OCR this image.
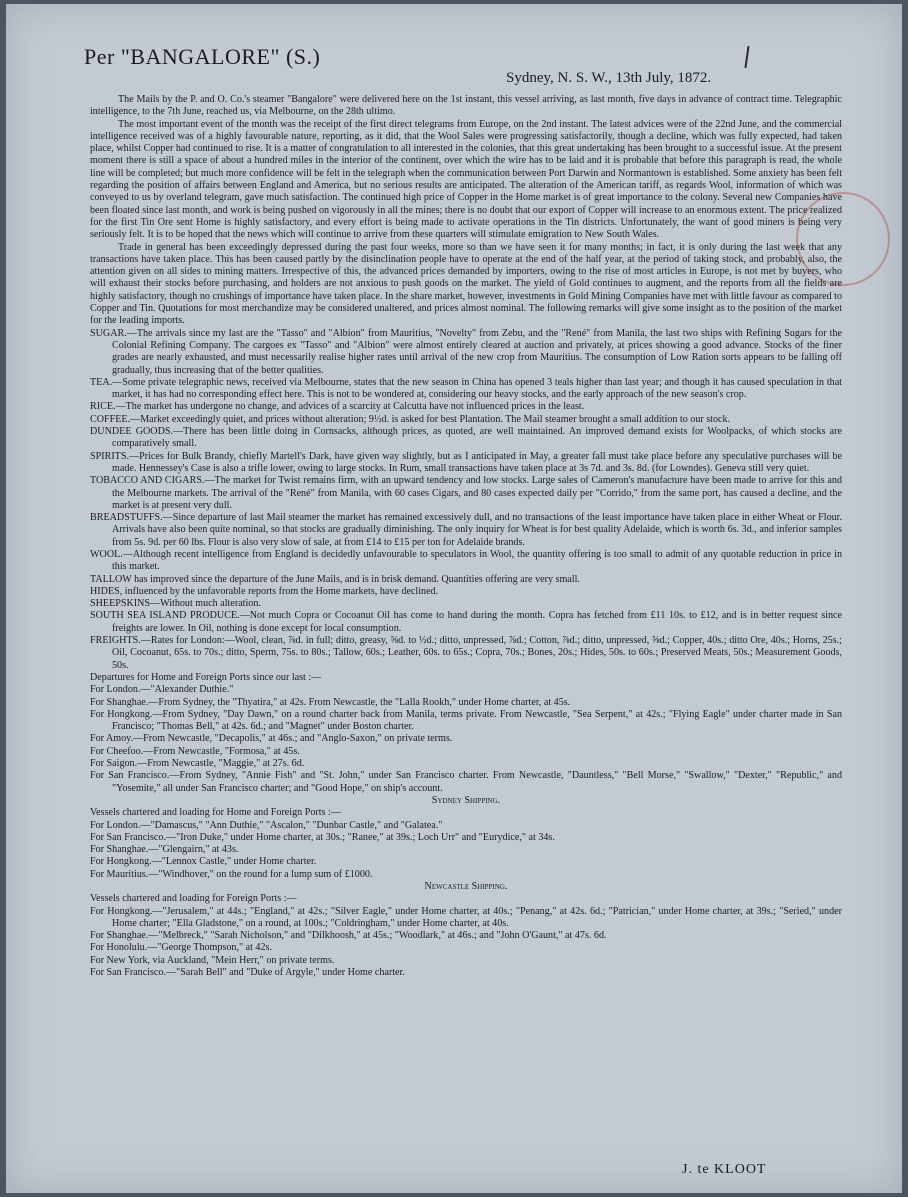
Per "BANGALORE" (S.)
Sydney, N. S. W., 13th July, 1872.

The Mails by the P. and O. Co.'s steamer "Bangalore" were delivered here on the 1st instant, this vessel arriving, as last month, five days in advance of contract time. Telegraphic intelligence, to the 7th June, reached us, via Melbourne, on the 28th ultimo.

The most important event of the month was the receipt of the first direct telegrams from Europe, on the 2nd instant. The latest advices were of the 22nd June, and the commercial intelligence received was of a highly favourable nature, reporting, as it did, that the Wool Sales were progressing satisfactorily, though a decline, which was fully expected, had taken place, whilst Copper had continued to rise. It is a matter of congratulation to all interested in the colonies, that this great undertaking has been brought to a successful issue. At the present moment there is still a space of about a hundred miles in the interior of the continent, over which the wire has to be laid and it is probable that before this paragraph is read, the whole line will be completed; but much more confidence will be felt in the telegraph when the communication between Port Darwin and Normantown is established. Some anxiety has been felt regarding the position of affairs between England and America, but no serious results are anticipated. The alteration of the American tariff, as regards Wool, information of which was conveyed to us by overland telegram, gave much satisfaction. The continued high price of Copper in the Home market is of great importance to the colony. Several new Companies have been floated since last month, and work is being pushed on vigorously in all the mines; there is no doubt that our export of Copper will increase to an enormous extent. The price realized for the first Tin Ore sent Home is highly satisfactory, and every effort is being made to activate operations in the Tin districts. Unfortunately, the want of good miners is being very seriously felt. It is to be hoped that the news which will continue to arrive from these quarters will stimulate emigration to New South Wales.

Trade in general has been exceedingly depressed during the past four weeks, more so than we have seen it for many months; in fact, it is only during the last week that any transactions have taken place. This has been caused partly by the disinclination people have to operate at the end of the half year, at the period of taking stock, and probably, also, the attention given on all sides to mining matters. Irrespective of this, the advanced prices demanded by importers, owing to the rise of most articles in Europe, is not met by buyers, who will exhaust their stocks before purchasing, and holders are not anxious to push goods on the market. The yield of Gold continues to augment, and the reports from all the fields are highly satisfactory, though no crushings of importance have taken place. In the share market, however, investments in Gold Mining Companies have met with little favour as compared to Copper and Tin. Quotations for most merchandize may be considered unaltered, and prices almost nominal. The following remarks will give some insight as to the position of the market for the leading imports.

SUGAR.—The arrivals since my last are the "Tasso" and "Albion" from Mauritius, "Novelty" from Zebu, and the "René" from Manila, the last two ships with Refining Sugars for the Colonial Refining Company. The cargoes ex "Tasso" and "Albion" were almost entirely cleared at auction and privately, at prices showing a good advance. Stocks of the finer grades are nearly exhausted, and must necessarily realise higher rates until arrival of the new crop from Mauritius. The consumption of Low Ration sorts appears to be falling off gradually, thus increasing that of the better qualities.

TEA.—Some private telegraphic news, received via Melbourne, states that the new season in China has opened 3 teals higher than last year; and though it has caused speculation in that market, it has had no corresponding effect here. This is not to be wondered at, considering our heavy stocks, and the early approach of the new season's crop.

RICE.—The market has undergone no change, and advices of a scarcity at Calcutta have not influenced prices in the least.

COFFEE.—Market exceedingly quiet, and prices without alteration; 9½d. is asked for best Plantation. The Mail steamer brought a small addition to our stock.

DUNDEE GOODS.—There has been little doing in Cornsacks, although prices, as quoted, are well maintained. An improved demand exists for Woolpacks, of which stocks are comparatively small.

SPIRITS.—Prices for Bulk Brandy, chiefly Martell's Dark, have given way slightly, but as I anticipated in May, a greater fall must take place before any speculative purchases will be made. Hennessey's Case is also a trifle lower, owing to large stocks. In Rum, small transactions have taken place at 3s 7d. and 3s. 8d. (for Lowndes). Geneva still very quiet.

TOBACCO AND CIGARS.—The market for Twist remains firm, with an upward tendency and low stocks. Large sales of Cameron's manufacture have been made to arrive for this and the Melbourne markets. The arrival of the "René" from Manila, with 60 cases Cigars, and 80 cases expected daily per "Corrido," from the same port, has caused a decline, and the market is at present very dull.

BREADSTUFFS.—Since departure of last Mail steamer the market has remained excessively dull, and no transactions of the least importance have taken place in either Wheat or Flour. Arrivals have also been quite nominal, so that stocks are gradually diminishing. The only inquiry for Wheat is for best quality Adelaide, which is worth 6s. 3d., and inferior samples from 5s. 9d. per 60 lbs. Flour is also very slow of sale, at from £14 to £15 per ton for Adelaide brands.

WOOL.—Although recent intelligence from England is decidedly unfavourable to speculators in Wool, the quantity offering is too small to admit of any quotable reduction in price in this market.

TALLOW has improved since the departure of the June Mails, and is in brisk demand. Quantities offering are very small.

HIDES, influenced by the unfavorable reports from the Home markets, have declined.

SHEEPSKINS—Without much alteration.

SOUTH SEA ISLAND PRODUCE.—Not much Copra or Cocoanut Oil has come to hand during the month. Copra has fetched from £11 10s. to £12, and is in better request since freights are lower. In Oil, nothing is done except for local consumption.

FREIGHTS.—Rates for London:—Wool, clean, ⅞d. in full; ditto, greasy, ⅝d. to ½d.; ditto, unpressed, ⅞d.; Cotton, ⅞d.; ditto, unpressed, ⅝d.; Copper, 40s.; ditto Ore, 40s.; Horns, 25s.; Oil, Cocoanut, 65s. to 70s.; ditto, Sperm, 75s. to 80s.; Tallow, 60s.; Leather, 60s. to 65s.; Copra, 70s.; Bones, 20s.; Hides, 50s. to 60s.; Preserved Meats, 50s.; Measurement Goods, 50s.

Departures for Home and Foreign Ports since our last :—

For London.—"Alexander Duthie."

For Shanghae.—From Sydney, the "Thyatira," at 42s. From Newcastle, the "Lalla Rookh," under Home charter, at 45s.

For Hongkong.—From Sydney, "Day Dawn," on a round charter back from Manila, terms private. From Newcastle, "Sea Serpent," at 42s.; "Flying Eagle" under charter made in San Francisco; "Thomas Bell," at 42s. 6d.; and "Magnet" under Boston charter.

For Amoy.—From Newcastle, "Decapolis," at 46s.; and "Anglo-Saxon," on private terms.

For Cheefoo.—From Newcastle, "Formosa," at 45s.

For Saigon.—From Newcastle, "Maggie," at 27s. 6d.

For San Francisco.—From Sydney, "Annie Fish" and "St. John," under San Francisco charter. From Newcastle, "Dauntless," "Bell Morse," "Swallow," "Dexter," "Republic," and "Yosemite," all under San Francisco charter; and "Good Hope," on ship's account.

Sydney Shipping.

Vessels chartered and loading for Home and Foreign Ports :—

For London.—"Damascus," "Ann Duthie," "Ascalon," "Dunbar Castle," and "Galatea."

For San Francisco.—"Iron Duke," under Home charter, at 30s.; "Ranee," at 39s.; Loch Urr" and "Eurydice," at 34s.

For Shanghae.—"Glengairn," at 43s.

For Hongkong.—"Lennox Castle," under Home charter.

For Mauritius.—"Windhover," on the round for a lump sum of £1000.

Newcastle Shipping.

Vessels chartered and loading for Foreign Ports :—

For Hongkong.—"Jerusalem," at 44s.; "England," at 42s.; "Silver Eagle," under Home charter, at 40s.; "Penang," at 42s. 6d.; "Patrician," under Home charter, at 39s.; "Seried," under Home charter; "Ella Gladstone," on a round, at 100s.; "Coldringham," under Home charter, at 40s.

For Shanghae.—"Melbreck," "Sarah Nicholson," and "Dilkhoosh," at 45s.; "Woodlark," at 46s.; and "John O'Gaunt," at 47s. 6d.

For Honolulu.—"George Thompson," at 42s.

For New York, via Auckland, "Mein Herr," on private terms.

For San Francisco.—"Sarah Bell" and "Duke of Argyle," under Home charter.

J. te KLOOT
